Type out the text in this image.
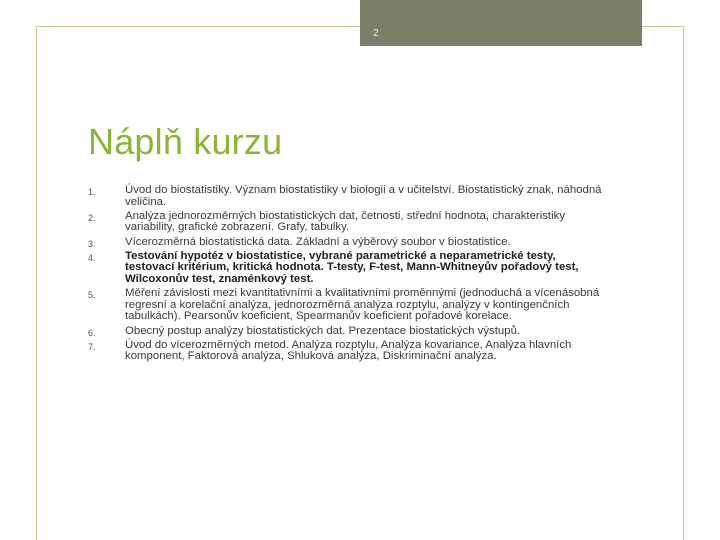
2
Náplň kurzu
1.	Úvod do biostatistiky. Význam biostatistiky v biologii a v učitelství. Biostatistický znak, náhodná veličina.
2.	Analýza jednorozměrných biostatistických dat, četnosti, střední hodnota, charakteristiky variability, grafické zobrazení. Grafy, tabulky.
3.	Vícerozměrná biostatistická data. Základní a výběrový soubor v biostatistice.
4.	Testování hypotéz v biostatistice, vybrané parametrické a neparametrické testy, testovací kritérium, kritická hodnota. T-testy, F-test, Mann-Whitneyův pořadový test, Wilcoxonův test, znaménkový test.
5.	Měření závislosti mezi kvantitativními a kvalitativními proměnnými (jednoduchá a vícenásobná regresní a korelační analýza, jednorozměrná analýza rozptylu, analýzy v kontingenčních tabulkách). Pearsonův koeficient, Spearmanův koeficient pořadové korelace.
6.	Obecný postup analýzy biostatistických dat. Prezentace biostatických výstupů.
7.	Úvod do vícerozměrných metod. Analýza rozptylu, Analýza kovariance, Analýza hlavních komponent, Faktorová analýza, Shluková analýza, Diskriminační analýza.
